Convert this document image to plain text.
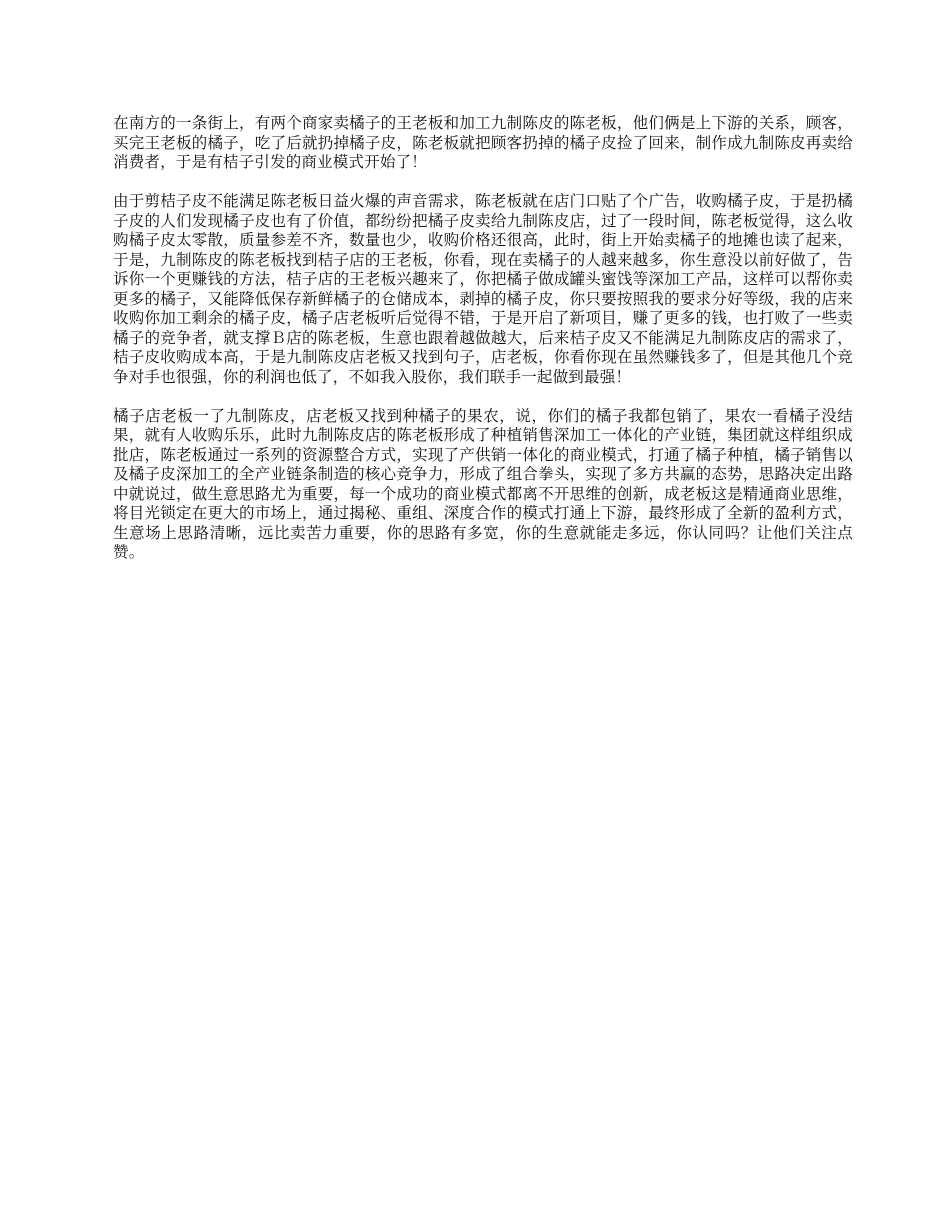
在南方的一条街上，有两个商家卖橘子的王老板和加工九制陈皮的陈老板，他们俩是上下游的关系，顾客，买完王老板的橘子，吃了后就扔掉橘子皮，陈老板就把顾客扔掉的橘子皮捡了回来，制作成九制陈皮再卖给消费者，于是有桔子引发的商业模式开始了！

由于剪桔子皮不能满足陈老板日益火爆的声音需求，陈老板就在店门口贴了个广告，收购橘子皮，于是扔橘子皮的人们发现橘子皮也有了价值，都纷纷把橘子皮卖给九制陈皮店，过了一段时间，陈老板觉得，这么收购橘子皮太零散，质量参差不齐，数量也少，收购价格还很高，此时，街上开始卖橘子的地摊也读了起来，于是，九制陈皮的陈老板找到桔子店的王老板，你看，现在卖橘子的人越来越多，你生意没以前好做了，告诉你一个更赚钱的方法，桔子店的王老板兴趣来了，你把橘子做成罐头蜜饯等深加工产品，这样可以帮你卖更多的橘子，又能降低保存新鲜橘子的仓储成本，剥掉的橘子皮，你只要按照我的要求分好等级，我的店来收购你加工剩余的橘子皮，橘子店老板听后觉得不错，于是开启了新项目，赚了更多的钱，也打败了一些卖橘子的竞争者，就支撑Ｂ店的陈老板，生意也跟着越做越大，后来桔子皮又不能满足九制陈皮店的需求了，桔子皮收购成本高，于是九制陈皮店老板又找到句子，店老板，你看你现在虽然赚钱多了，但是其他几个竞争对手也很强，你的利润也低了，不如我入股你，我们联手一起做到最强！

橘子店老板一了九制陈皮，店老板又找到种橘子的果农，说，你们的橘子我都包销了，果农一看橘子没结果，就有人收购乐乐，此时九制陈皮店的陈老板形成了种植销售深加工一体化的产业链，集团就这样组织成批店，陈老板通过一系列的资源整合方式，实现了产供销一体化的商业模式，打通了橘子种植，橘子销售以及橘子皮深加工的全产业链条制造的核心竞争力，形成了组合拳头，实现了多方共赢的态势，思路决定出路中就说过，做生意思路尤为重要，每一个成功的商业模式都离不开思维的创新，成老板这是精通商业思维，将目光锁定在更大的市场上，通过揭秘、重组、深度合作的模式打通上下游，最终形成了全新的盈利方式，生意场上思路清晰，远比卖苦力重要，你的思路有多宽，你的生意就能走多远，你认同吗？让他们关注点赞。
